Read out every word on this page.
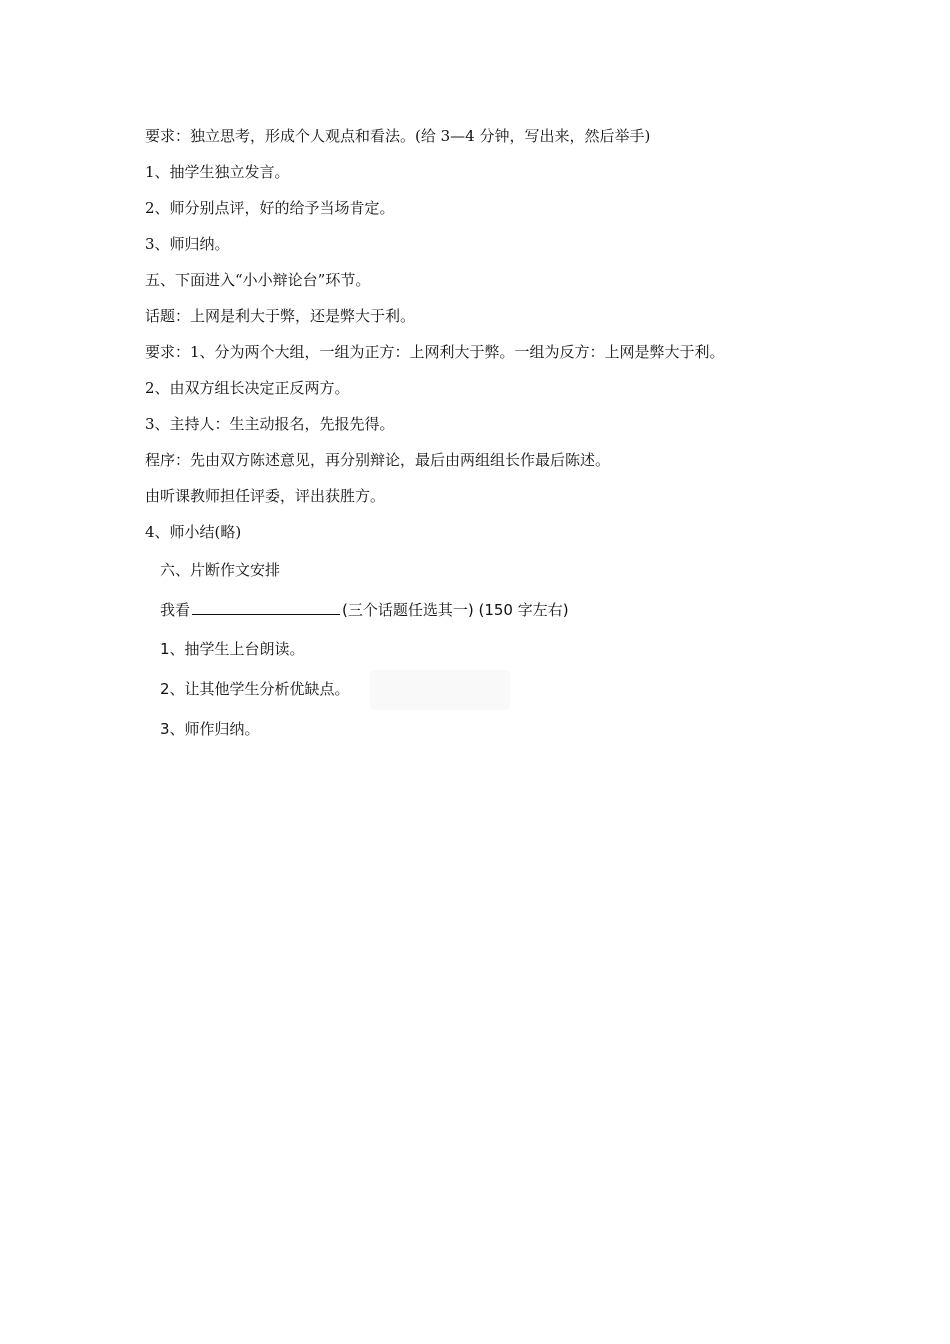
要求：独立思考，形成个人观点和看法。(给 3—4 分钟，写出来，然后举手)
1、抽学生独立发言。
2、师分别点评，好的给予当场肯定。
3、师归纳。
五、下面进入“小小辩论台”环节。
话题：上网是利大于弊，还是弊大于利。
要求：1、分为两个大组，一组为正方：上网利大于弊。一组为反方：上网是弊大于利。
2、由双方组长决定正反两方。
3、主持人：生主动报名，先报先得。
程序：先由双方陈述意见，再分别辩论，最后由两组组长作最后陈述。
由听课教师担任评委，评出获胜方。
4、师小结(略)
六、片断作文安排
我看	(三个话题任选其一) (150 字左右)
1、抽学生上台朗读。
2、让其他学生分析优缺点。
3、师作归纳。
